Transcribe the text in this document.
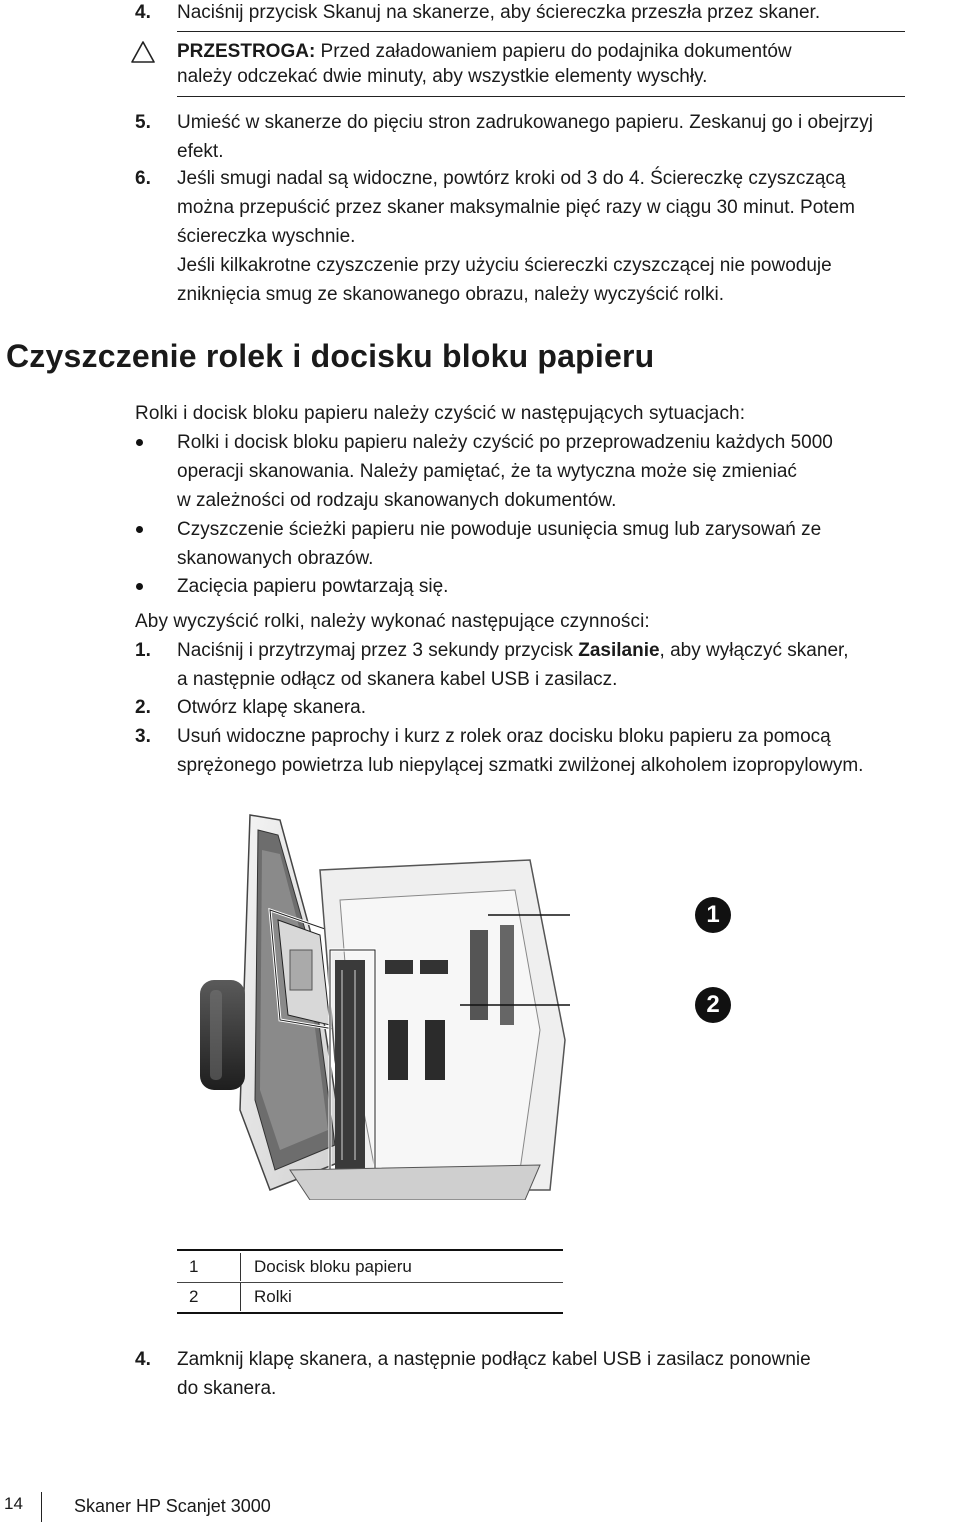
4. Naciśnij przycisk Skanuj na skanerze, aby ściereczka przeszła przez skaner.
PRZESTROGA: Przed załadowaniem papieru do podajnika dokumentów
należy odczekać dwie minuty, aby wszystkie elementy wyschły.
5. Umieść w skanerze do pięciu stron zadrukowanego papieru. Zeskanuj go i obejrzyj
efekt.
6. Jeśli smugi nadal są widoczne, powtórz kroki od 3 do 4. Ściereczkę czyszczącą
można przepuścić przez skaner maksymalnie pięć razy w ciągu 30 minut. Potem
ściereczka wyschnie.
Jeśli kilkakrotne czyszczenie przy użyciu ściereczki czyszczącej nie powoduje
zniknięcia smug ze skanowanego obrazu, należy wyczyścić rolki.
Czyszczenie rolek i docisku bloku papieru
Rolki i docisk bloku papieru należy czyścić w następujących sytuacjach:
Rolki i docisk bloku papieru należy czyścić po przeprowadzeniu każdych 5000
operacji skanowania. Należy pamiętać, że ta wytyczna może się zmieniać
w zależności od rodzaju skanowanych dokumentów.
Czyszczenie ścieżki papieru nie powoduje usunięcia smug lub zarysowań ze
skanowanych obrazów.
Zacięcia papieru powtarzają się.
Aby wyczyścić rolki, należy wykonać następujące czynności:
1. Naciśnij i przytrzymaj przez 3 sekundy przycisk Zasilanie, aby wyłączyć skaner,
a następnie odłącz od skanera kabel USB i zasilacz.
2. Otwórz klapę skanera.
3. Usuń widoczne paprochy i kurz z rolek oraz docisku bloku papieru za pomocą
sprężonego powietrza lub niepylącej szmatki zwilżonej alkoholem izopropylowym.
1
2
1	Docisk bloku papieru
2	Rolki
4. Zamknij klapę skanera, a następnie podłącz kabel USB i zasilacz ponownie
do skanera.
14	Skaner HP Scanjet 3000
